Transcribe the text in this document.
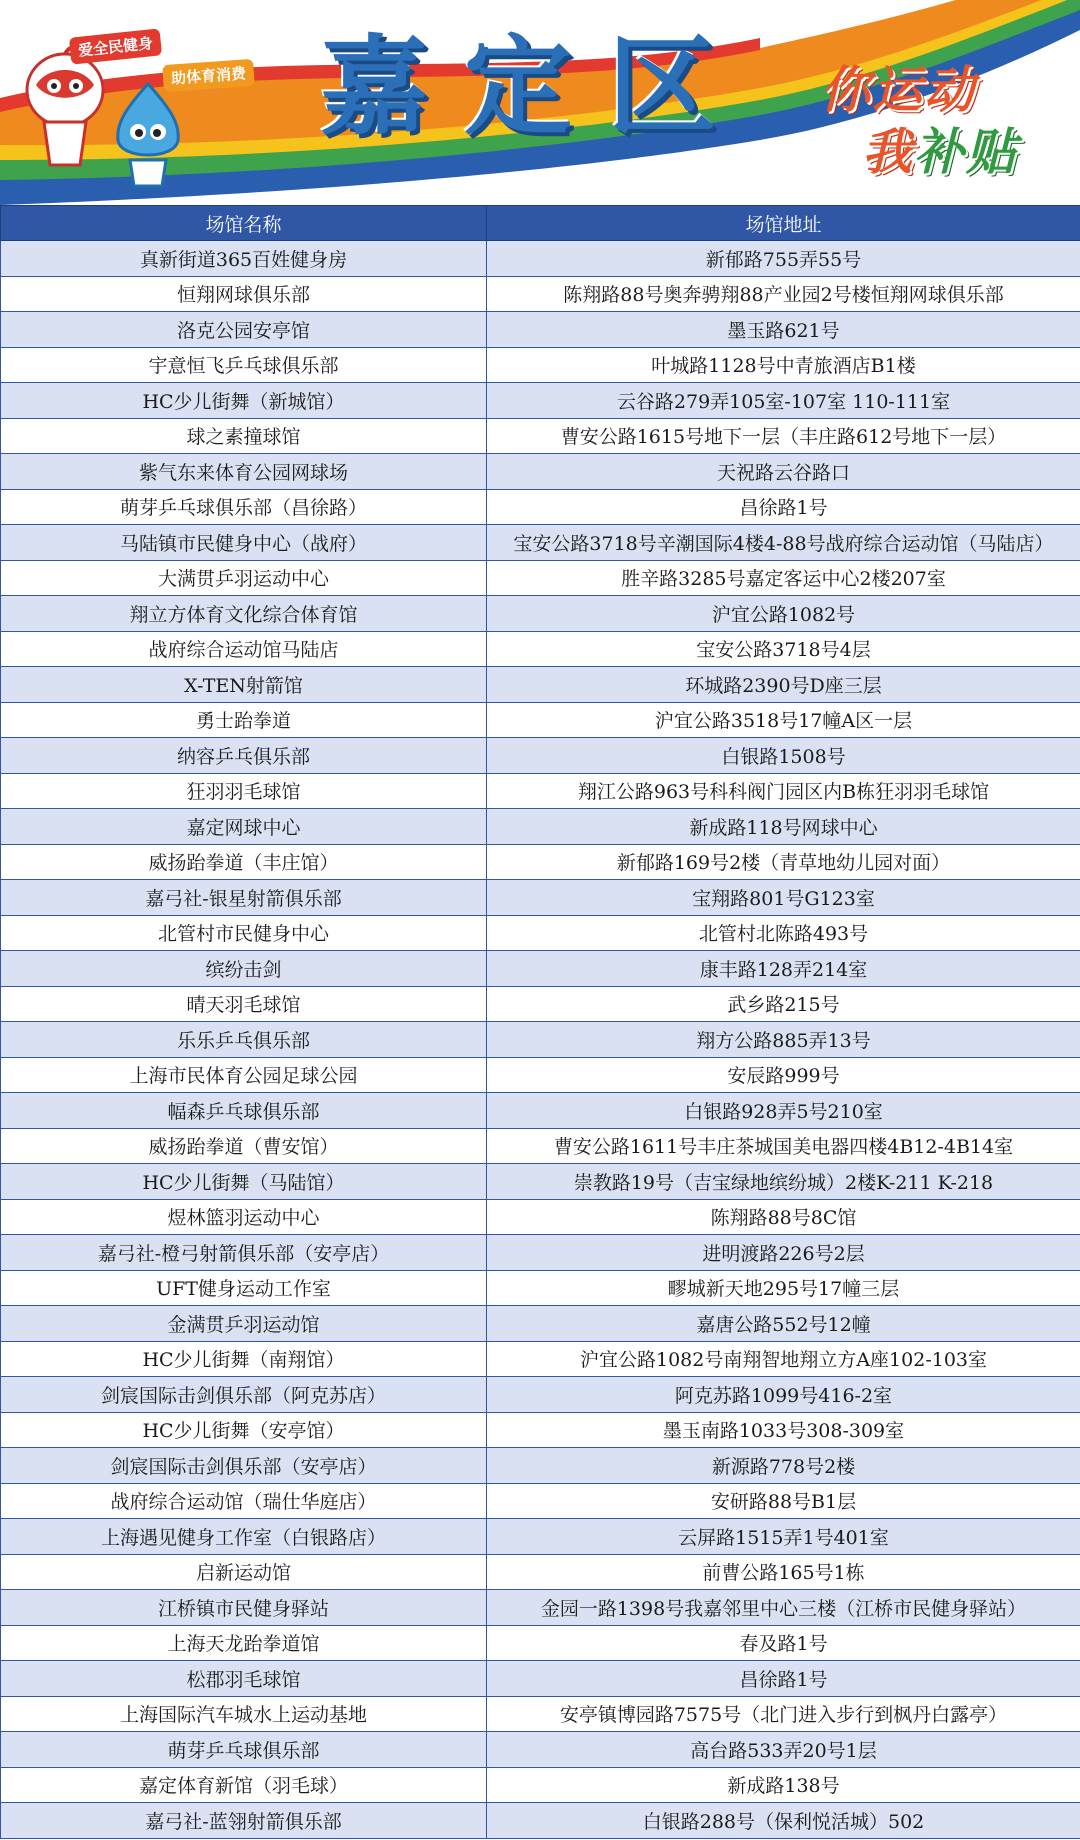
爱全民健身
助体育消费 嘉定区 你运动
我补贴
场馆名称	场馆地址
真新街道365百姓健身房	新郁路755弄55号
恒翔网球俱乐部	陈翔路88号奥奔骋翔88产业园2号楼恒翔网球俱乐部
洛克公园安亭馆	墨玉路621号
宇意恒飞乒乓球俱乐部	叶城路1128号中青旅酒店B1楼
HC少儿街舞（新城馆）	云谷路279弄105室-107室 110-111室
球之素撞球馆	曹安公路1615号地下一层（丰庄路612号地下一层）
紫气东来体育公园网球场	天祝路云谷路口
萌芽乒乓球俱乐部（昌徐路）	昌徐路1号
马陆镇市民健身中心（战府）	宝安公路3718号辛潮国际4楼4-88号战府综合运动馆（马陆店）
大满贯乒羽运动中心	胜辛路3285号嘉定客运中心2楼207室
翔立方体育文化综合体育馆	沪宜公路1082号
战府综合运动馆马陆店	宝安公路3718号4层
X-TEN射箭馆	环城路2390号D座三层
勇士跆拳道	沪宜公路3518号17幢A区一层
纳容乒乓俱乐部	白银路1508号
狂羽羽毛球馆	翔江公路963号科科阀门园区内B栋狂羽羽毛球馆
嘉定网球中心	新成路118号网球中心
威扬跆拳道（丰庄馆）	新郁路169号2楼（青草地幼儿园对面）
嘉弓社-银星射箭俱乐部	宝翔路801号G123室
北管村市民健身中心	北管村北陈路493号
缤纷击剑	康丰路128弄214室
晴天羽毛球馆	武乡路215号
乐乐乒乓俱乐部	翔方公路885弄13号
上海市民体育公园足球公园	安辰路999号
幅森乒乓球俱乐部	白银路928弄5号210室
威扬跆拳道（曹安馆）	曹安公路1611号丰庄茶城国美电器四楼4B12-4B14室
HC少儿街舞（马陆馆）	崇教路19号（吉宝绿地缤纷城）2楼K-211 K-218
煜林篮羽运动中心	陈翔路88号8C馆
嘉弓社-橙弓射箭俱乐部（安亭店）	进明渡路226号2层
UFT健身运动工作室	疁城新天地295号17幢三层
金满贯乒羽运动馆	嘉唐公路552号12幢
HC少儿街舞（南翔馆）	沪宜公路1082号南翔智地翔立方A座102-103室
剑宸国际击剑俱乐部（阿克苏店）	阿克苏路1099号416-2室
HC少儿街舞（安亭馆）	墨玉南路1033号308-309室
剑宸国际击剑俱乐部（安亭店）	新源路778号2楼
战府综合运动馆（瑞仕华庭店）	安研路88号B1层
上海遇见健身工作室（白银路店）	云屏路1515弄1号401室
启新运动馆	前曹公路165号1栋
江桥镇市民健身驿站	金园一路1398号我嘉邻里中心三楼（江桥市民健身驿站）
上海天龙跆拳道馆	春及路1号
松郡羽毛球馆	昌徐路1号
上海国际汽车城水上运动基地	安亭镇博园路7575号（北门进入步行到枫丹白露亭）
萌芽乒乓球俱乐部	高台路533弄20号1层
嘉定体育新馆（羽毛球）	新成路138号
嘉弓社-蓝翎射箭俱乐部	白银路288号（保利悦活城）502
